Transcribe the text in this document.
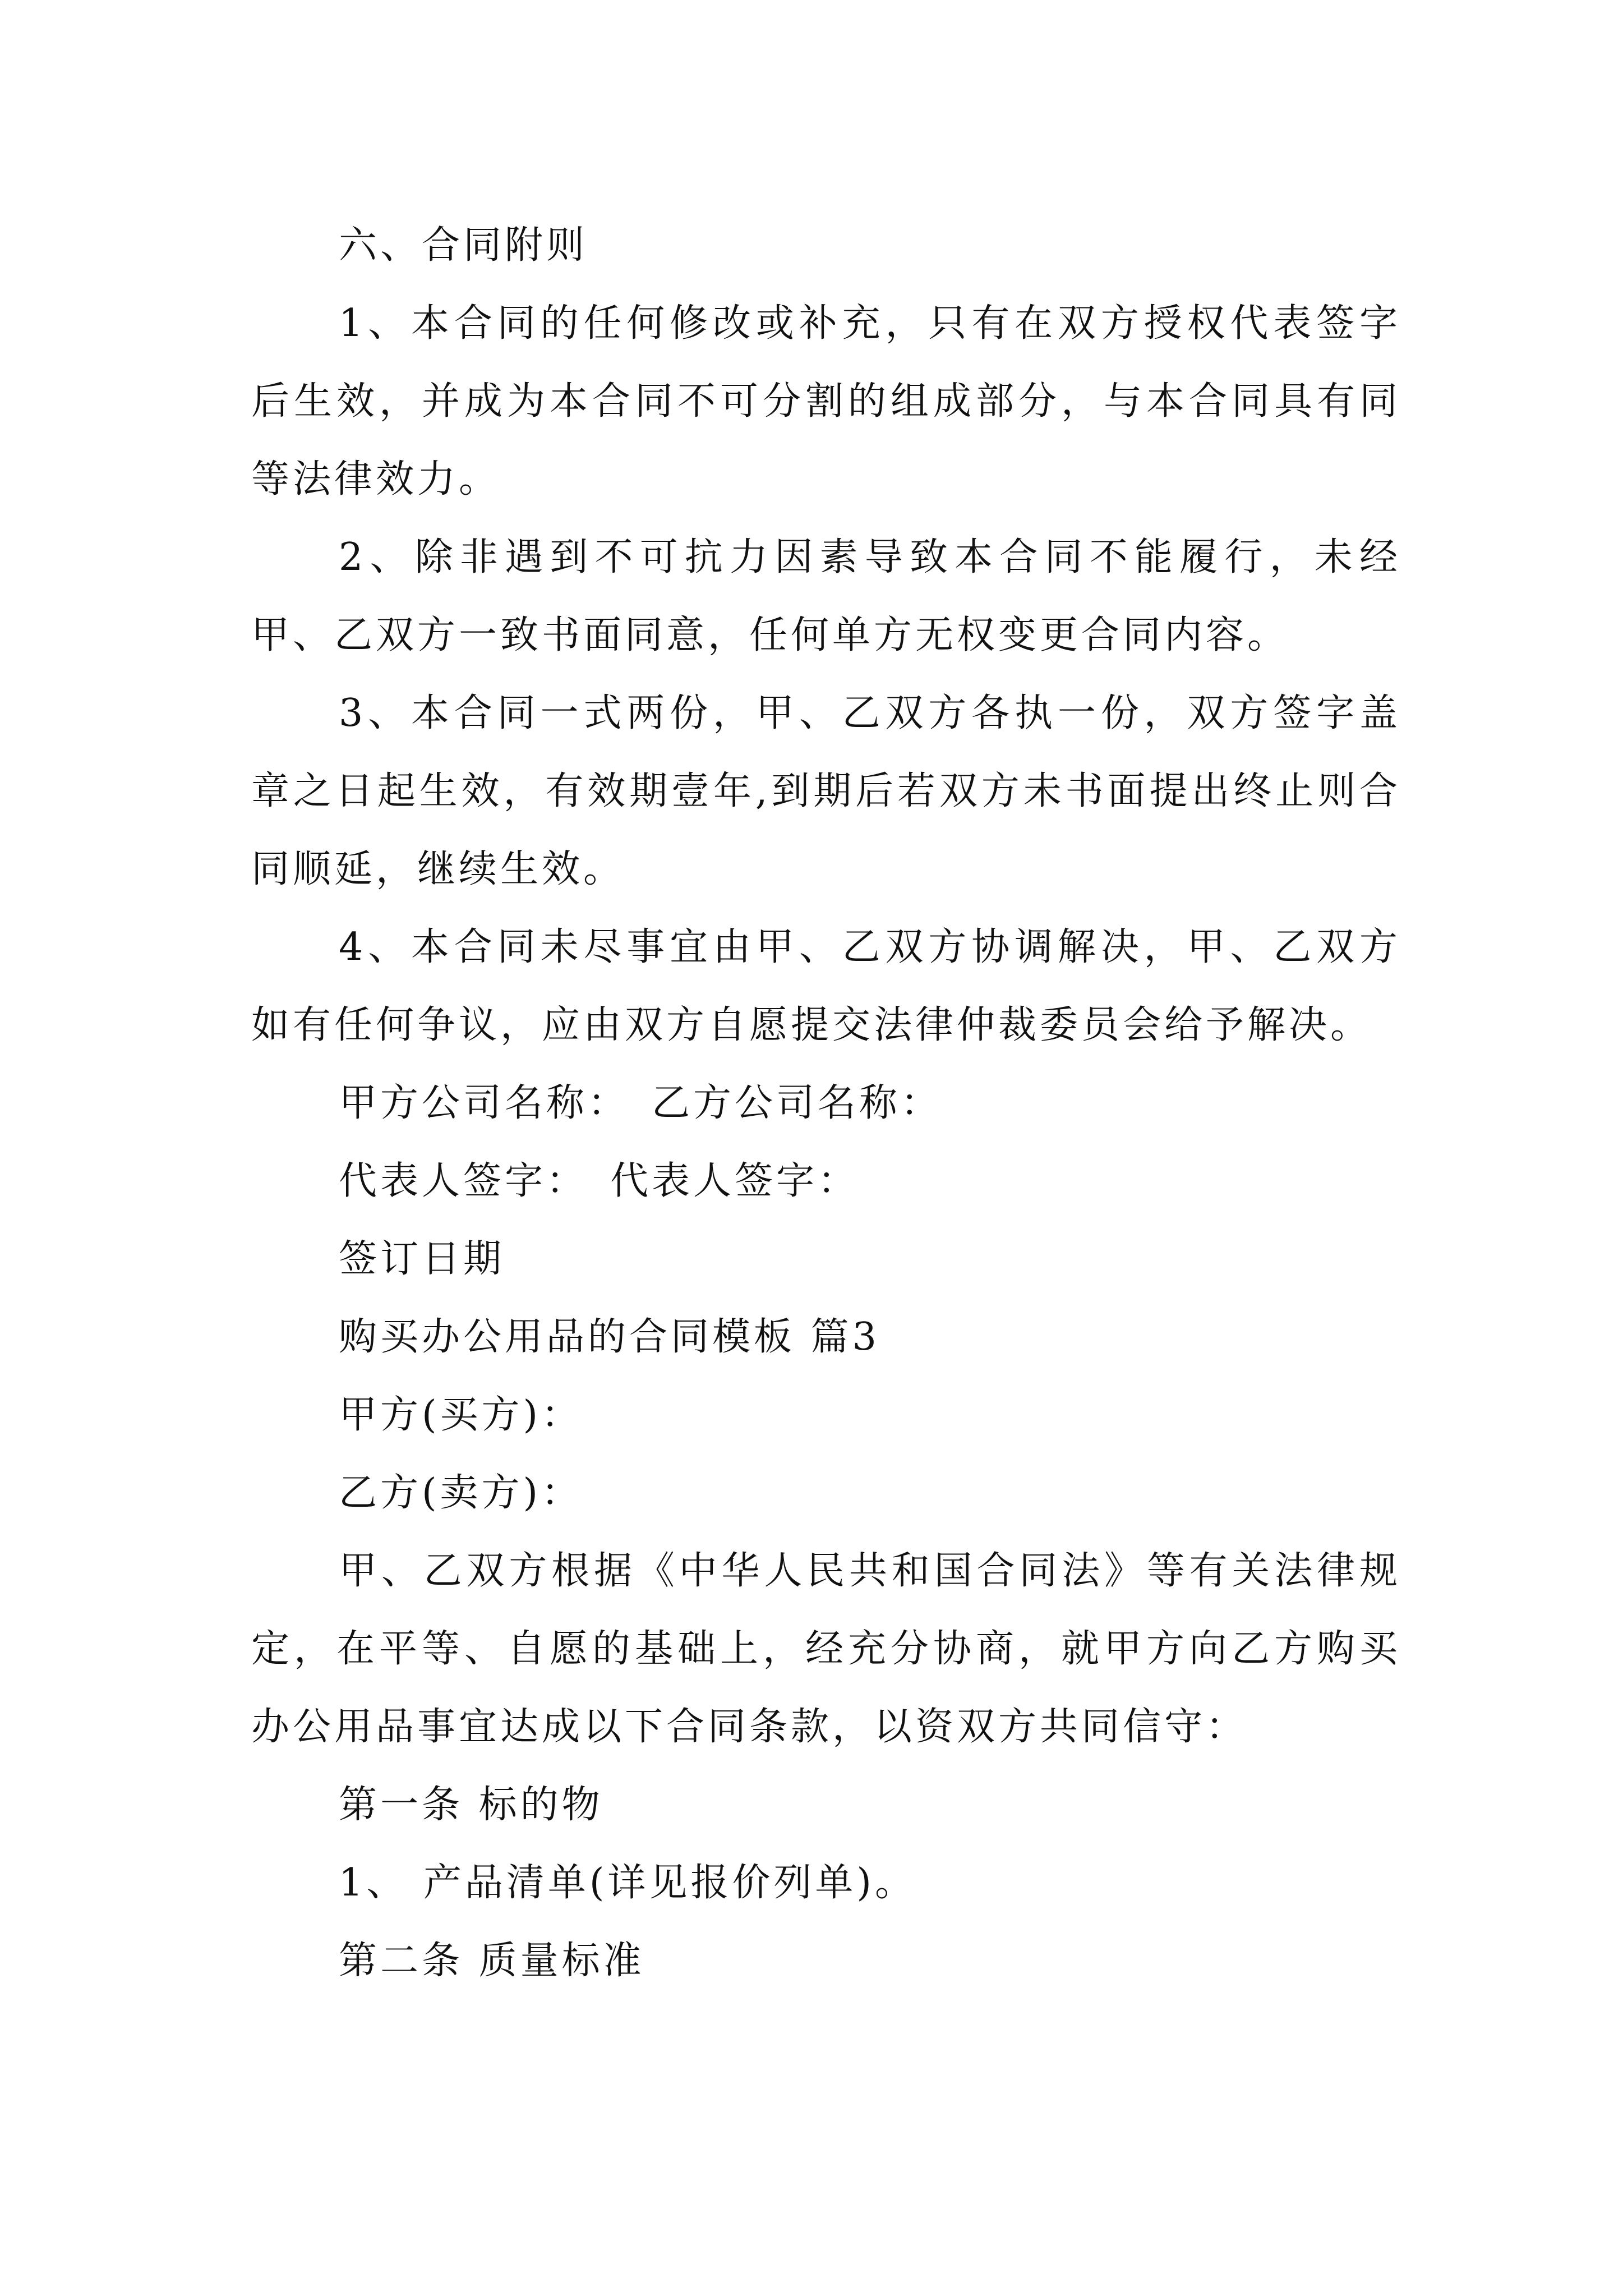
六、合同附则

1、本合同的任何修改或补充，只有在双方授权代表签字后生效，并成为本合同不可分割的组成部分，与本合同具有同等法律效力。

2、除非遇到不可抗力因素导致本合同不能履行，未经甲、乙双方一致书面同意，任何单方无权变更合同内容。

3、本合同一式两份，甲、乙双方各执一份，双方签字盖章之日起生效，有效期壹年,到期后若双方未书面提出终止则合同顺延，继续生效。

4、本合同未尽事宜由甲、乙双方协调解决，甲、乙双方如有任何争议，应由双方自愿提交法律仲裁委员会给予解决。

甲方公司名称： 乙方公司名称：

代表人签字： 代表人签字：

签订日期

购买办公用品的合同模板 篇3

甲方(买方)：

乙方(卖方)：

甲、乙双方根据《中华人民共和国合同法》等有关法律规定，在平等、自愿的基础上，经充分协商，就甲方向乙方购买办公用品事宜达成以下合同条款，以资双方共同信守：

第一条 标的物

1、 产品清单(详见报价列单)。

第二条 质量标准
